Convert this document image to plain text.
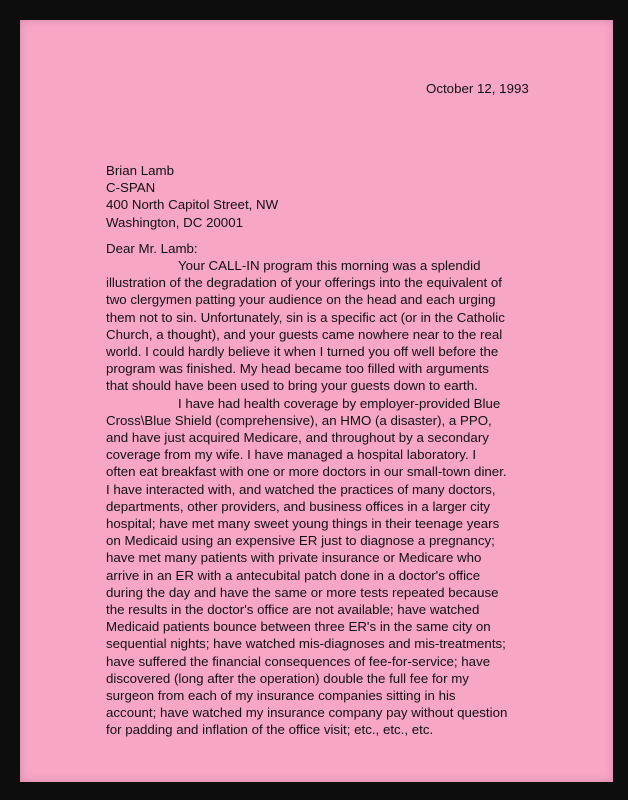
October 12, 1993
Brian Lamb
C-SPAN
400 North Capitol Street, NW
Washington, DC 20001
Dear Mr. Lamb:
Your CALL-IN program this morning was a splendid
illustration of the degradation of your offerings into the equivalent of
two clergymen patting your audience on the head and each urging
them not to sin. Unfortunately, sin is a specific act (or in the Catholic
Church, a thought), and your guests came nowhere near to the real
world. I could hardly believe it when I turned you off well before the
program was finished. My head became too filled with arguments
that should have been used to bring your guests down to earth.
I have had health coverage by employer-provided Blue
Cross\Blue Shield (comprehensive), an HMO (a disaster), a PPO,
and have just acquired Medicare, and throughout by a secondary
coverage from my wife. I have managed a hospital laboratory. I
often eat breakfast with one or more doctors in our small-town diner.
I have interacted with, and watched the practices of many doctors,
departments, other providers, and business offices in a larger city
hospital; have met many sweet young things in their teenage years
on Medicaid using an expensive ER just to diagnose a pregnancy;
have met many patients with private insurance or Medicare who
arrive in an ER with a antecubital patch done in a doctor's office
during the day and have the same or more tests repeated because
the results in the doctor's office are not available; have watched
Medicaid patients bounce between three ER's in the same city on
sequential nights; have watched mis-diagnoses and mis-treatments;
have suffered the financial consequences of fee-for-service; have
discovered (long after the operation) double the full fee for my
surgeon from each of my insurance companies sitting in his
account; have watched my insurance company pay without question
for padding and inflation of the office visit; etc., etc., etc.
